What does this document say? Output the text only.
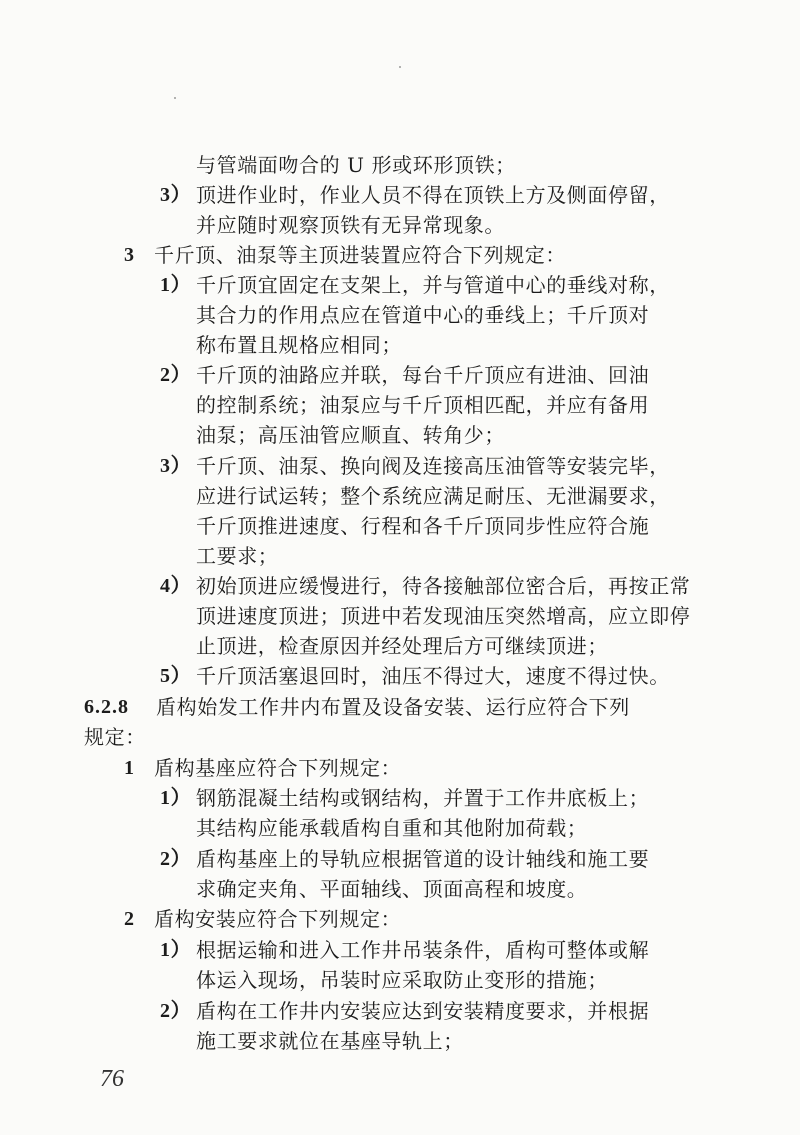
与管端面吻合的 U 形或环形顶铁；
3） 顶进作业时，作业人员不得在顶铁上方及侧面停留，
并应随时观察顶铁有无异常现象。
3 千斤顶、油泵等主顶进装置应符合下列规定：
1） 千斤顶宜固定在支架上，并与管道中心的垂线对称，
其合力的作用点应在管道中心的垂线上；千斤顶对
称布置且规格应相同；
2） 千斤顶的油路应并联，每台千斤顶应有进油、回油
的控制系统；油泵应与千斤顶相匹配，并应有备用
油泵；高压油管应顺直、转角少；
3） 千斤顶、油泵、换向阀及连接高压油管等安装完毕，
应进行试运转；整个系统应满足耐压、无泄漏要求，
千斤顶推进速度、行程和各千斤顶同步性应符合施
工要求；
4） 初始顶进应缓慢进行，待各接触部位密合后，再按正常
顶进速度顶进；顶进中若发现油压突然增高，应立即停
止顶进，检查原因并经处理后方可继续顶进；
5） 千斤顶活塞退回时，油压不得过大，速度不得过快。
6.2.8 盾构始发工作井内布置及设备安装、运行应符合下列
规定：
1 盾构基座应符合下列规定：
1） 钢筋混凝土结构或钢结构，并置于工作井底板上；
其结构应能承载盾构自重和其他附加荷载；
2） 盾构基座上的导轨应根据管道的设计轴线和施工要
求确定夹角、平面轴线、顶面高程和坡度。
2 盾构安装应符合下列规定：
1） 根据运输和进入工作井吊装条件，盾构可整体或解
体运入现场，吊装时应采取防止变形的措施；
2） 盾构在工作井内安装应达到安装精度要求，并根据
施工要求就位在基座导轨上；
76
